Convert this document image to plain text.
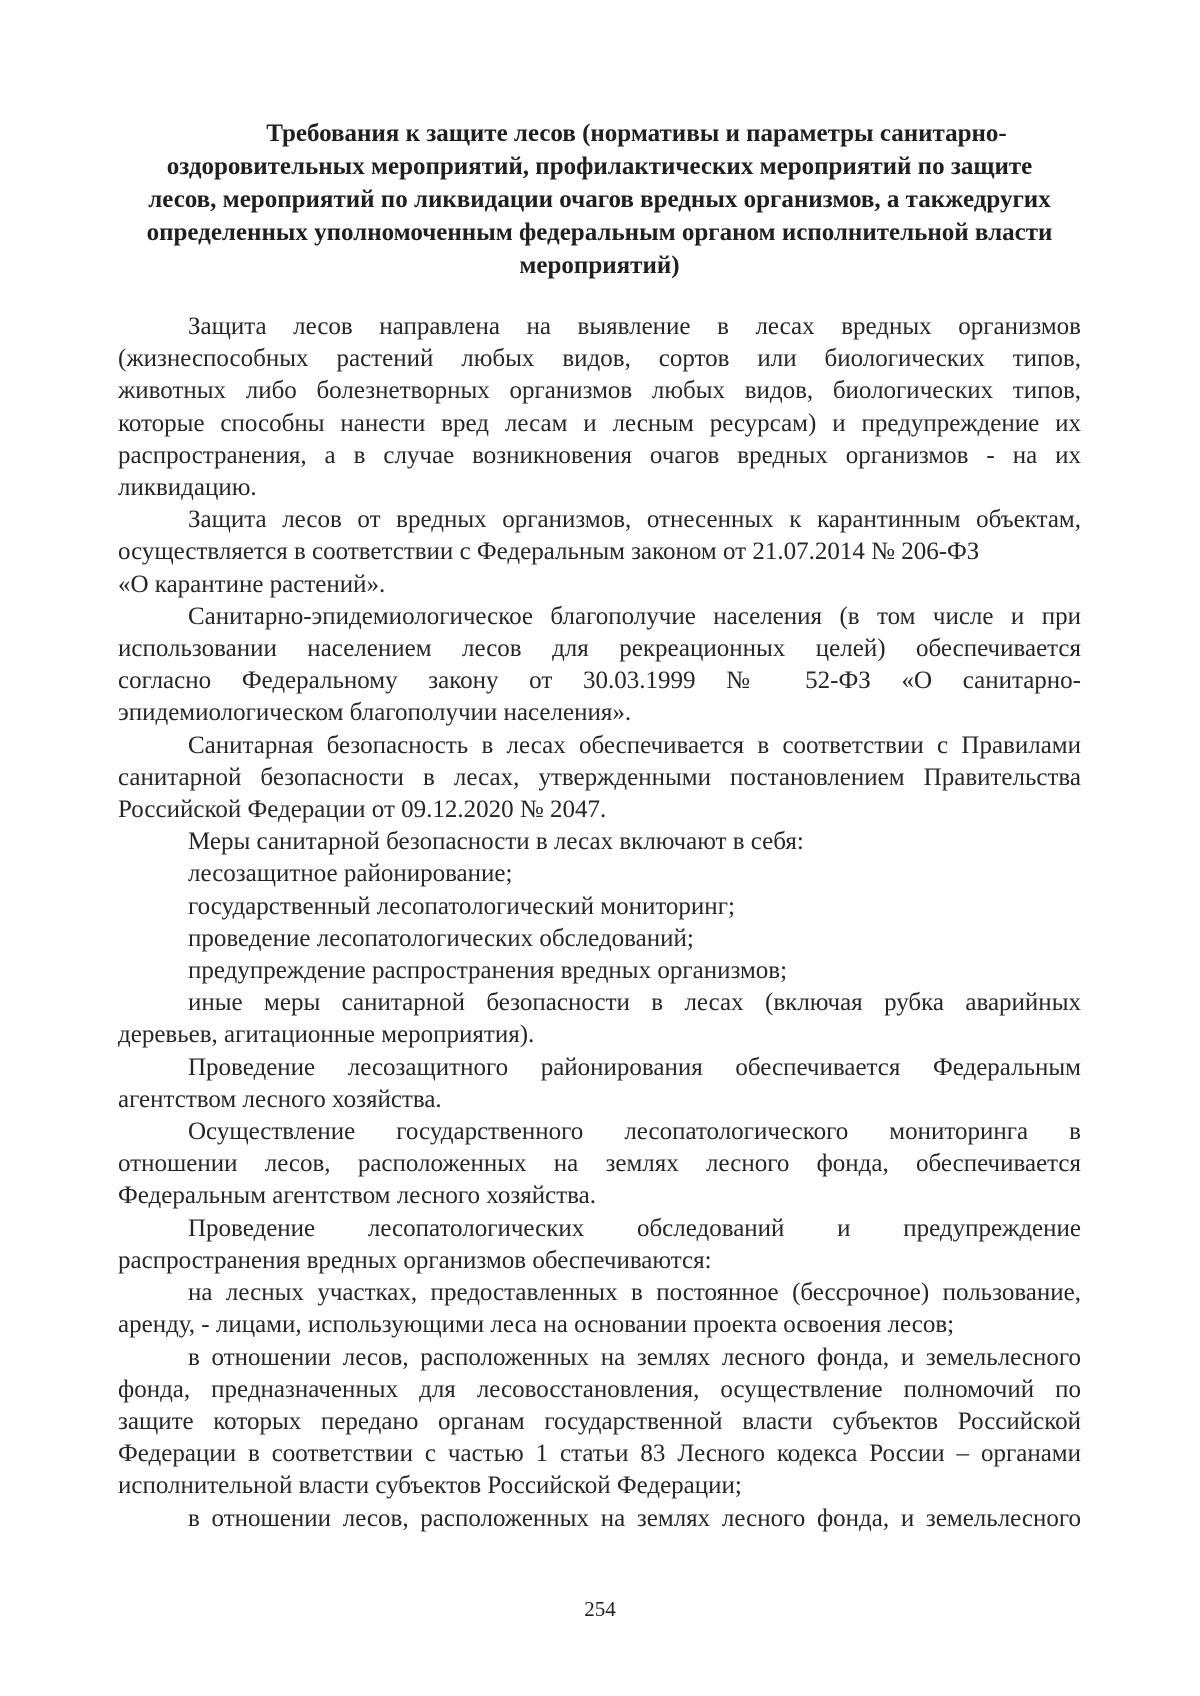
Требования к защите лесов (нормативы и параметры санитарно-
оздоровительных мероприятий, профилактических мероприятий по защите
лесов, мероприятий по ликвидации очагов вредных организмов, а такжедругих
определенных уполномоченным федеральным органом исполнительной власти
мероприятий)

Защита лесов направлена на выявление в лесах вредных организмов
(жизнеспособных растений любых видов, сортов или биологических типов,
животных либо болезнетворных организмов любых видов, биологических типов,
которые способны нанести вред лесам и лесным ресурсам) и предупреждение их
распространения, а в случае возникновения очагов вредных организмов - на их
ликвидацию.

Защита лесов от вредных организмов, отнесенных к карантинным объектам,
осуществляется в соответствии с Федеральным законом от 21.07.2014 № 206-ФЗ
«О карантине растений».

Санитарно-эпидемиологическое благополучие населения (в том числе и при
использовании населением лесов для рекреационных целей) обеспечивается
согласно Федеральному закону от 30.03.1999 № 52-ФЗ «О санитарно-
эпидемиологическом благополучии населения».

Санитарная безопасность в лесах обеспечивается в соответствии с Правилами
санитарной безопасности в лесах, утвержденными постановлением Правительства
Российской Федерации от 09.12.2020 № 2047.

Меры санитарной безопасности в лесах включают в себя:

лесозащитное районирование;

государственный лесопатологический мониторинг;

проведение лесопатологических обследований;

предупреждение распространения вредных организмов;

иные меры санитарной безопасности в лесах (включая рубка аварийных
деревьев, агитационные мероприятия).

Проведение лесозащитного районирования обеспечивается Федеральным
агентством лесного хозяйства.

Осуществление государственного лесопатологического мониторинга в
отношении лесов, расположенных на землях лесного фонда, обеспечивается
Федеральным агентством лесного хозяйства.

Проведение лесопатологических обследований и предупреждение
распространения вредных организмов обеспечиваются:

на лесных участках, предоставленных в постоянное (бессрочное) пользование,
аренду, - лицами, использующими леса на основании проекта освоения лесов;

в отношении лесов, расположенных на землях лесного фонда, и земельлесного
фонда, предназначенных для лесовосстановления, осуществление полномочий по
защите которых передано органам государственной власти субъектов Российской
Федерации в соответствии с частью 1 статьи 83 Лесного кодекса России – органами
исполнительной власти субъектов Российской Федерации;

в отношении лесов, расположенных на землях лесного фонда, и земельлесного

254
